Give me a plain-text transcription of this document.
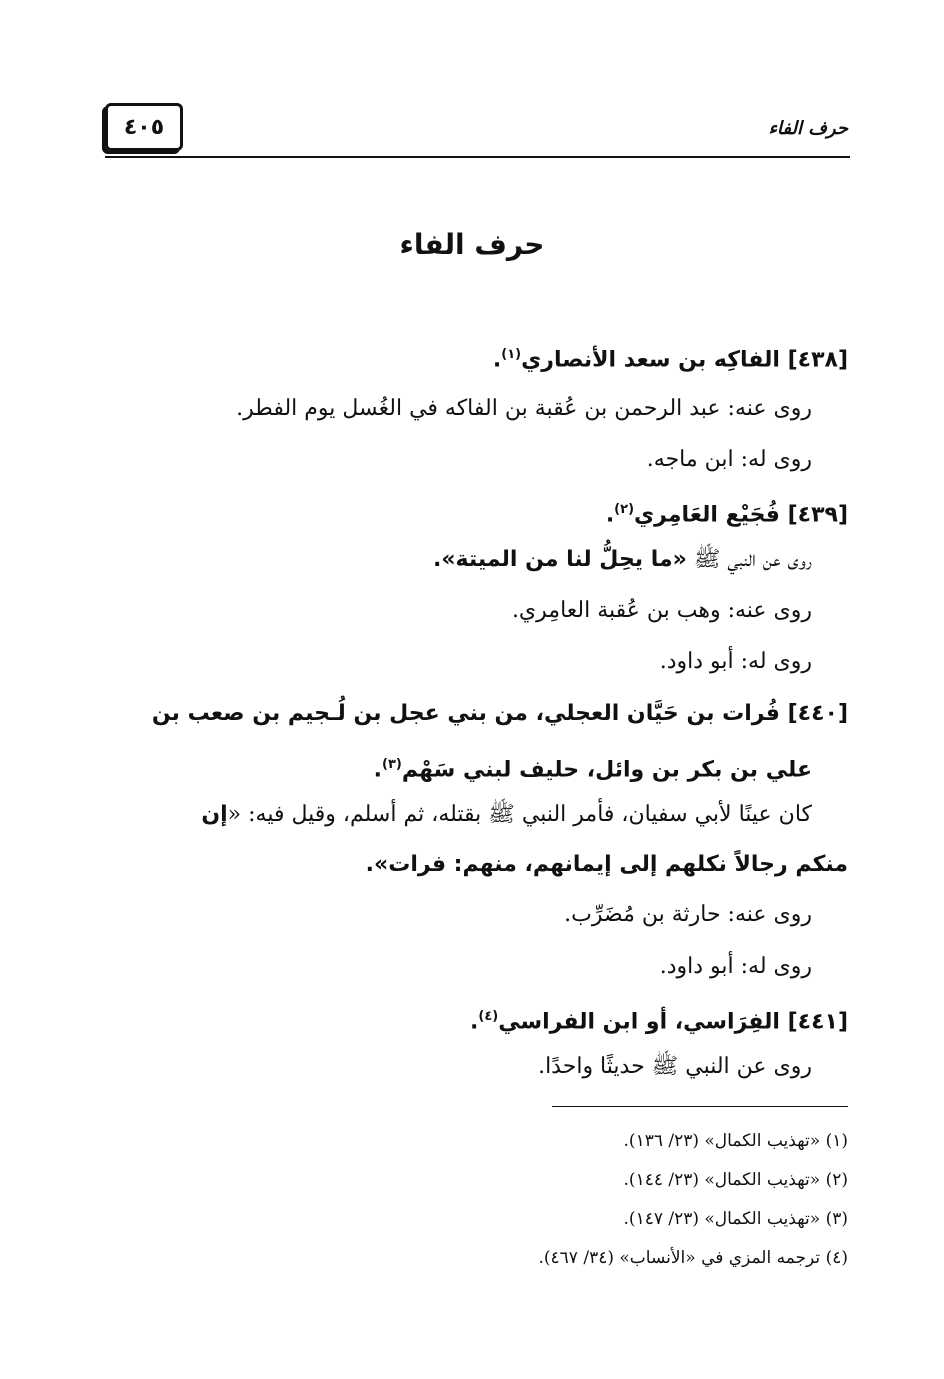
٤٠٥	حرف الفاء
حرف الفاء
[٤٣٨] الفاكِه بن سعد الأنصاري$^{(١)}$.
روى عنه: عبد الرحمن بن عُقبة بن الفاكه في الغُسل يوم الفطر.
روى له: ابن ماجه.
[٤٣٩] فُجَيْع العَامِري$^{(٢)}$.
روى عن النبي ﷺ «ما يحِلُّ لنا من الميتة».
روى عنه: وهب بن عُقبة العامِري.
روى له: أبو داود.
[٤٤٠] فُرات بن حَيَّان العجلي، من بني عجل بن لُـجيم بن صعب بن
علي بن بكر بن وائل، حليف لبني سَهْم$^{(٣)}$.
كان عينًا لأبي سفيان، فأمر النبي ﷺ بقتله، ثم أسلم، وقيل فيه: «إن
منكم رجالاً نكلهم إلى إيمانهم، منهم: فرات».
روى عنه: حارثة بن مُضَرِّب.
روى له: أبو داود.
[٤٤١] الفِرَاسي، أو ابن الفراسي$^{(٤)}$.
روى عن النبي ﷺ حديثًا واحدًا.
(١) «تهذيب الكمال» (٢٣/ ١٣٦).
(٢) «تهذيب الكمال» (٢٣/ ١٤٤).
(٣) «تهذيب الكمال» (٢٣/ ١٤٧).
(٤) ترجمه المزي في «الأنساب» (٣٤/ ٤٦٧).
